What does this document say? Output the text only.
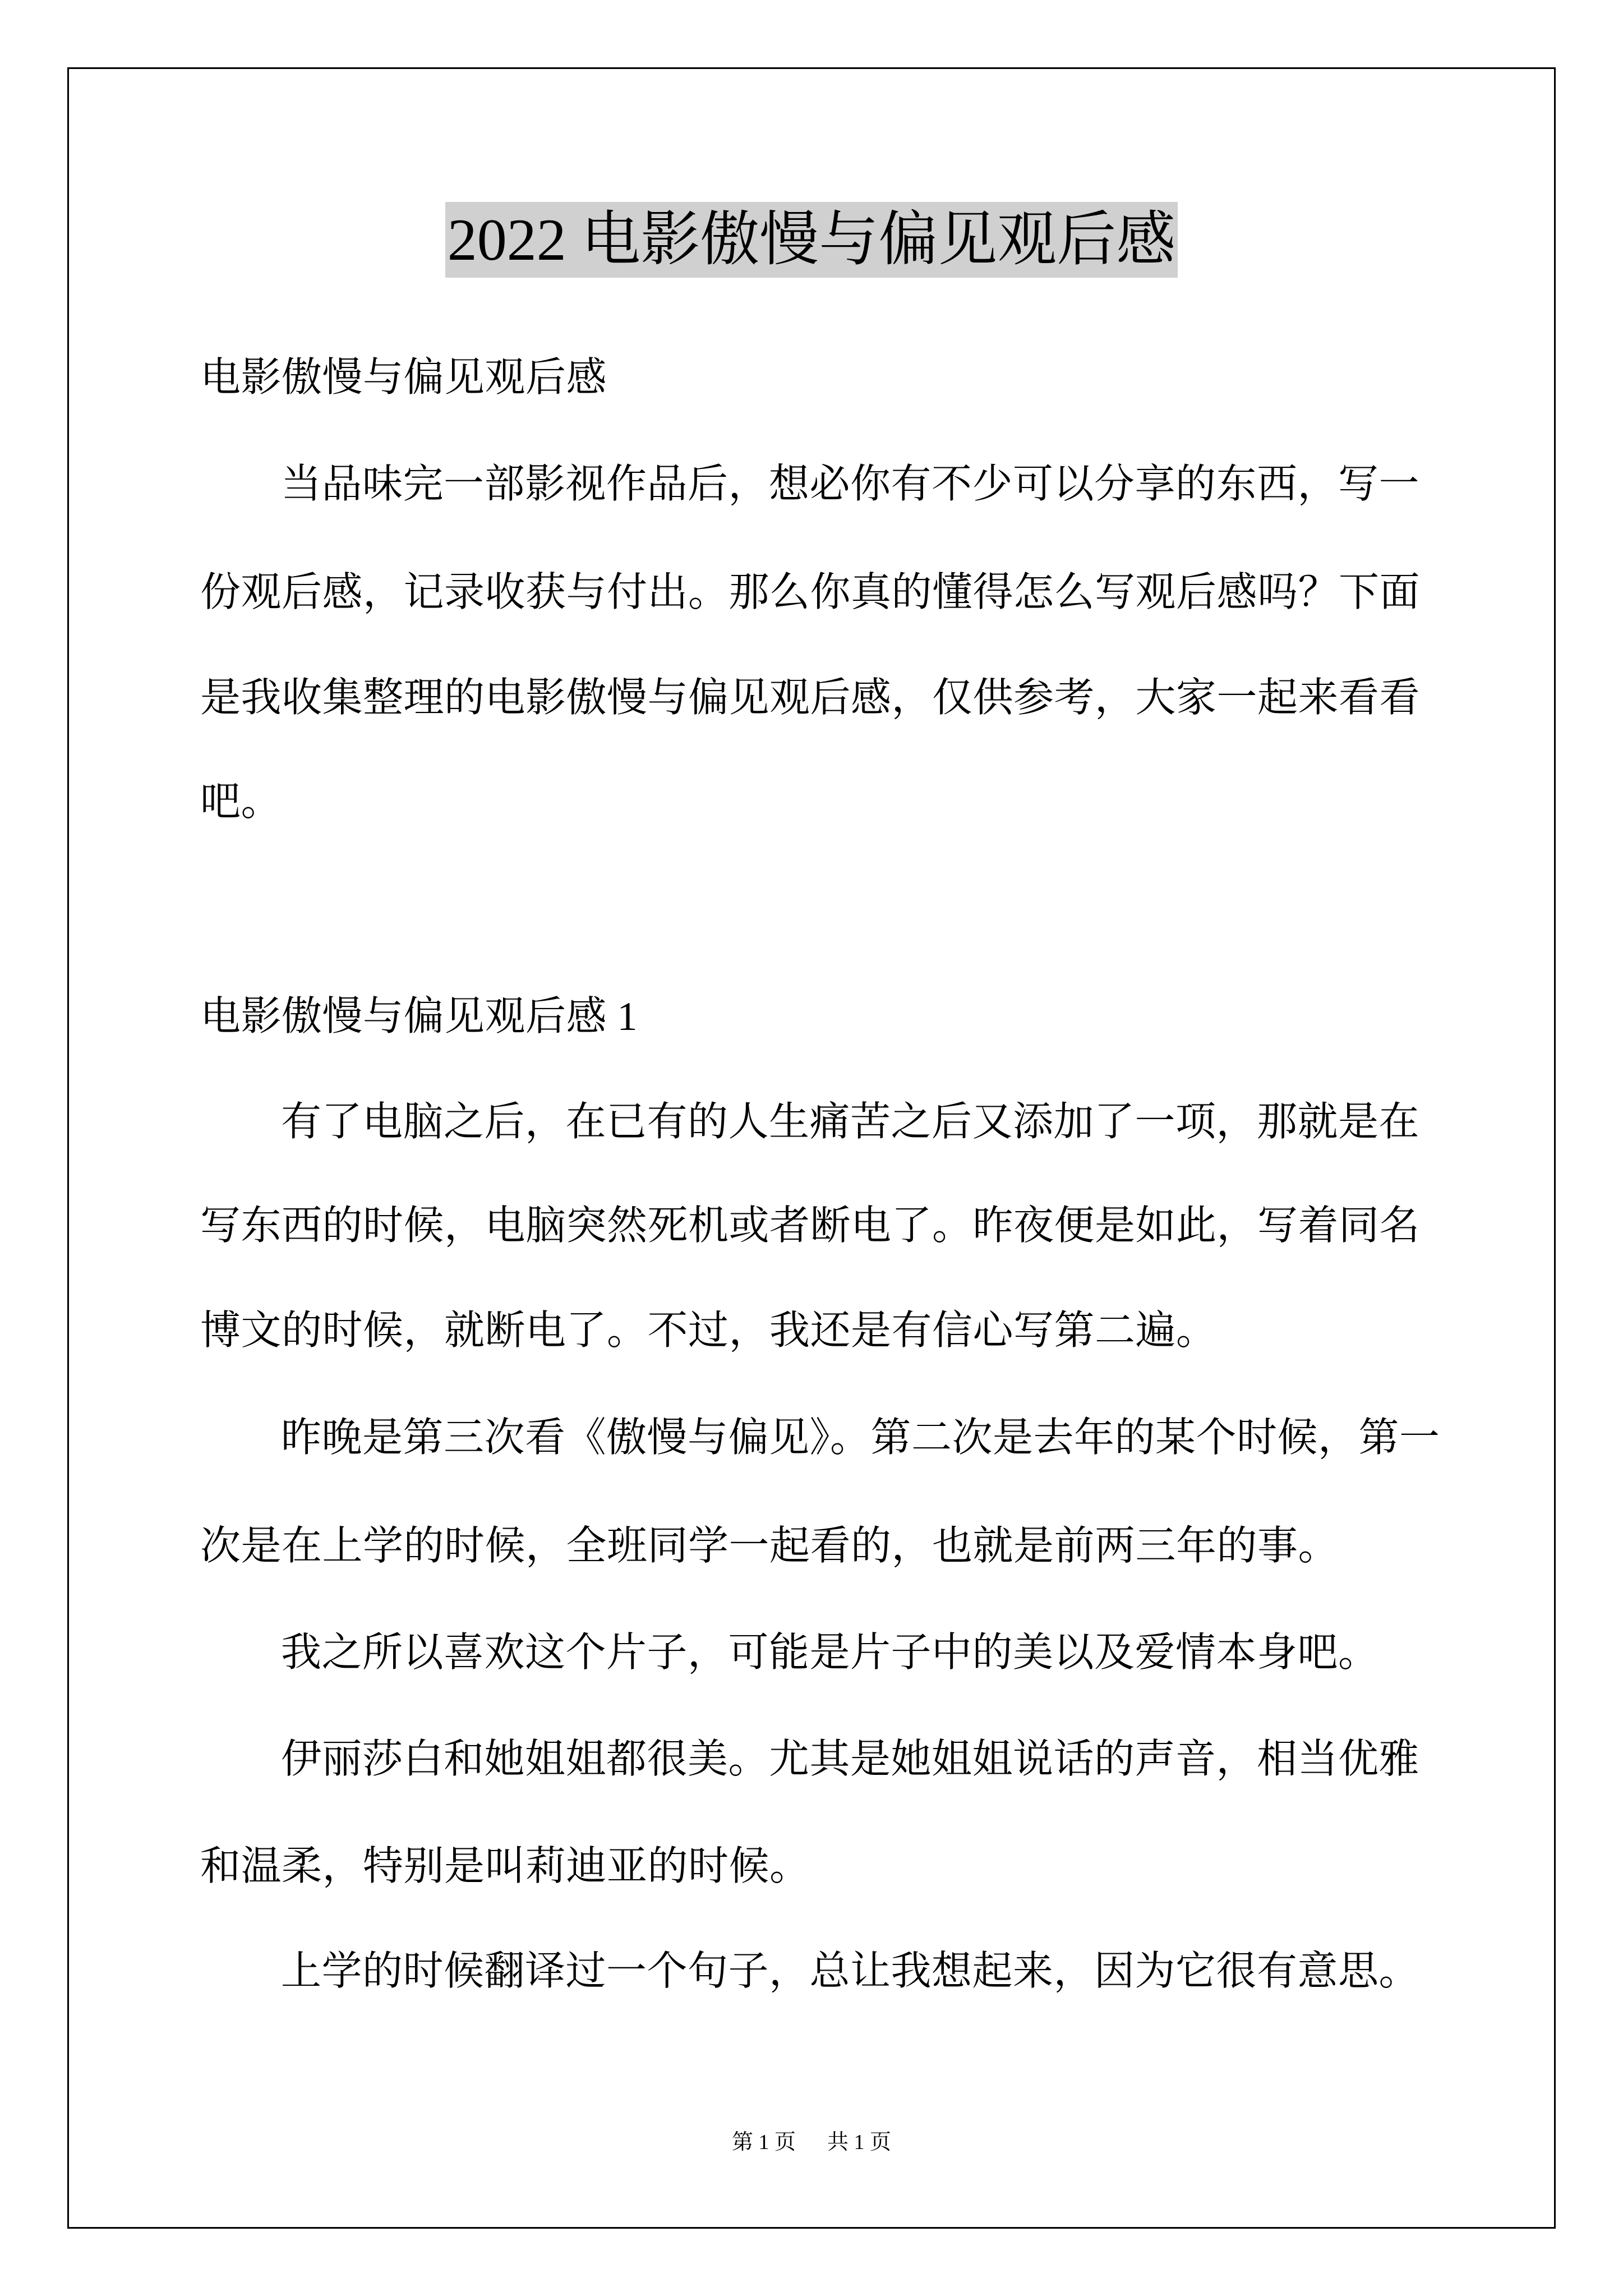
2022 电影傲慢与偏见观后感
电影傲慢与偏见观后感
当品味完一部影视作品后，想必你有不少可以分享的东西，写一
份观后感，记录收获与付出。那么你真的懂得怎么写观后感吗？下面
是我收集整理的电影傲慢与偏见观后感，仅供参考，大家一起来看看
吧。
电影傲慢与偏见观后感 1
有了电脑之后，在已有的人生痛苦之后又添加了一项，那就是在
写东西的时候，电脑突然死机或者断电了。昨夜便是如此，写着同名
博文的时候，就断电了。不过，我还是有信心写第二遍。
昨晚是第三次看《傲慢与偏见》。第二次是去年的某个时候，第一
次是在上学的时候，全班同学一起看的，也就是前两三年的事。
我之所以喜欢这个片子，可能是片子中的美以及爱情本身吧。
伊丽莎白和她姐姐都很美。尤其是她姐姐说话的声音，相当优雅
和温柔，特别是叫莉迪亚的时候。
上学的时候翻译过一个句子，总让我想起来，因为它很有意思。
第 1 页 共 1 页
